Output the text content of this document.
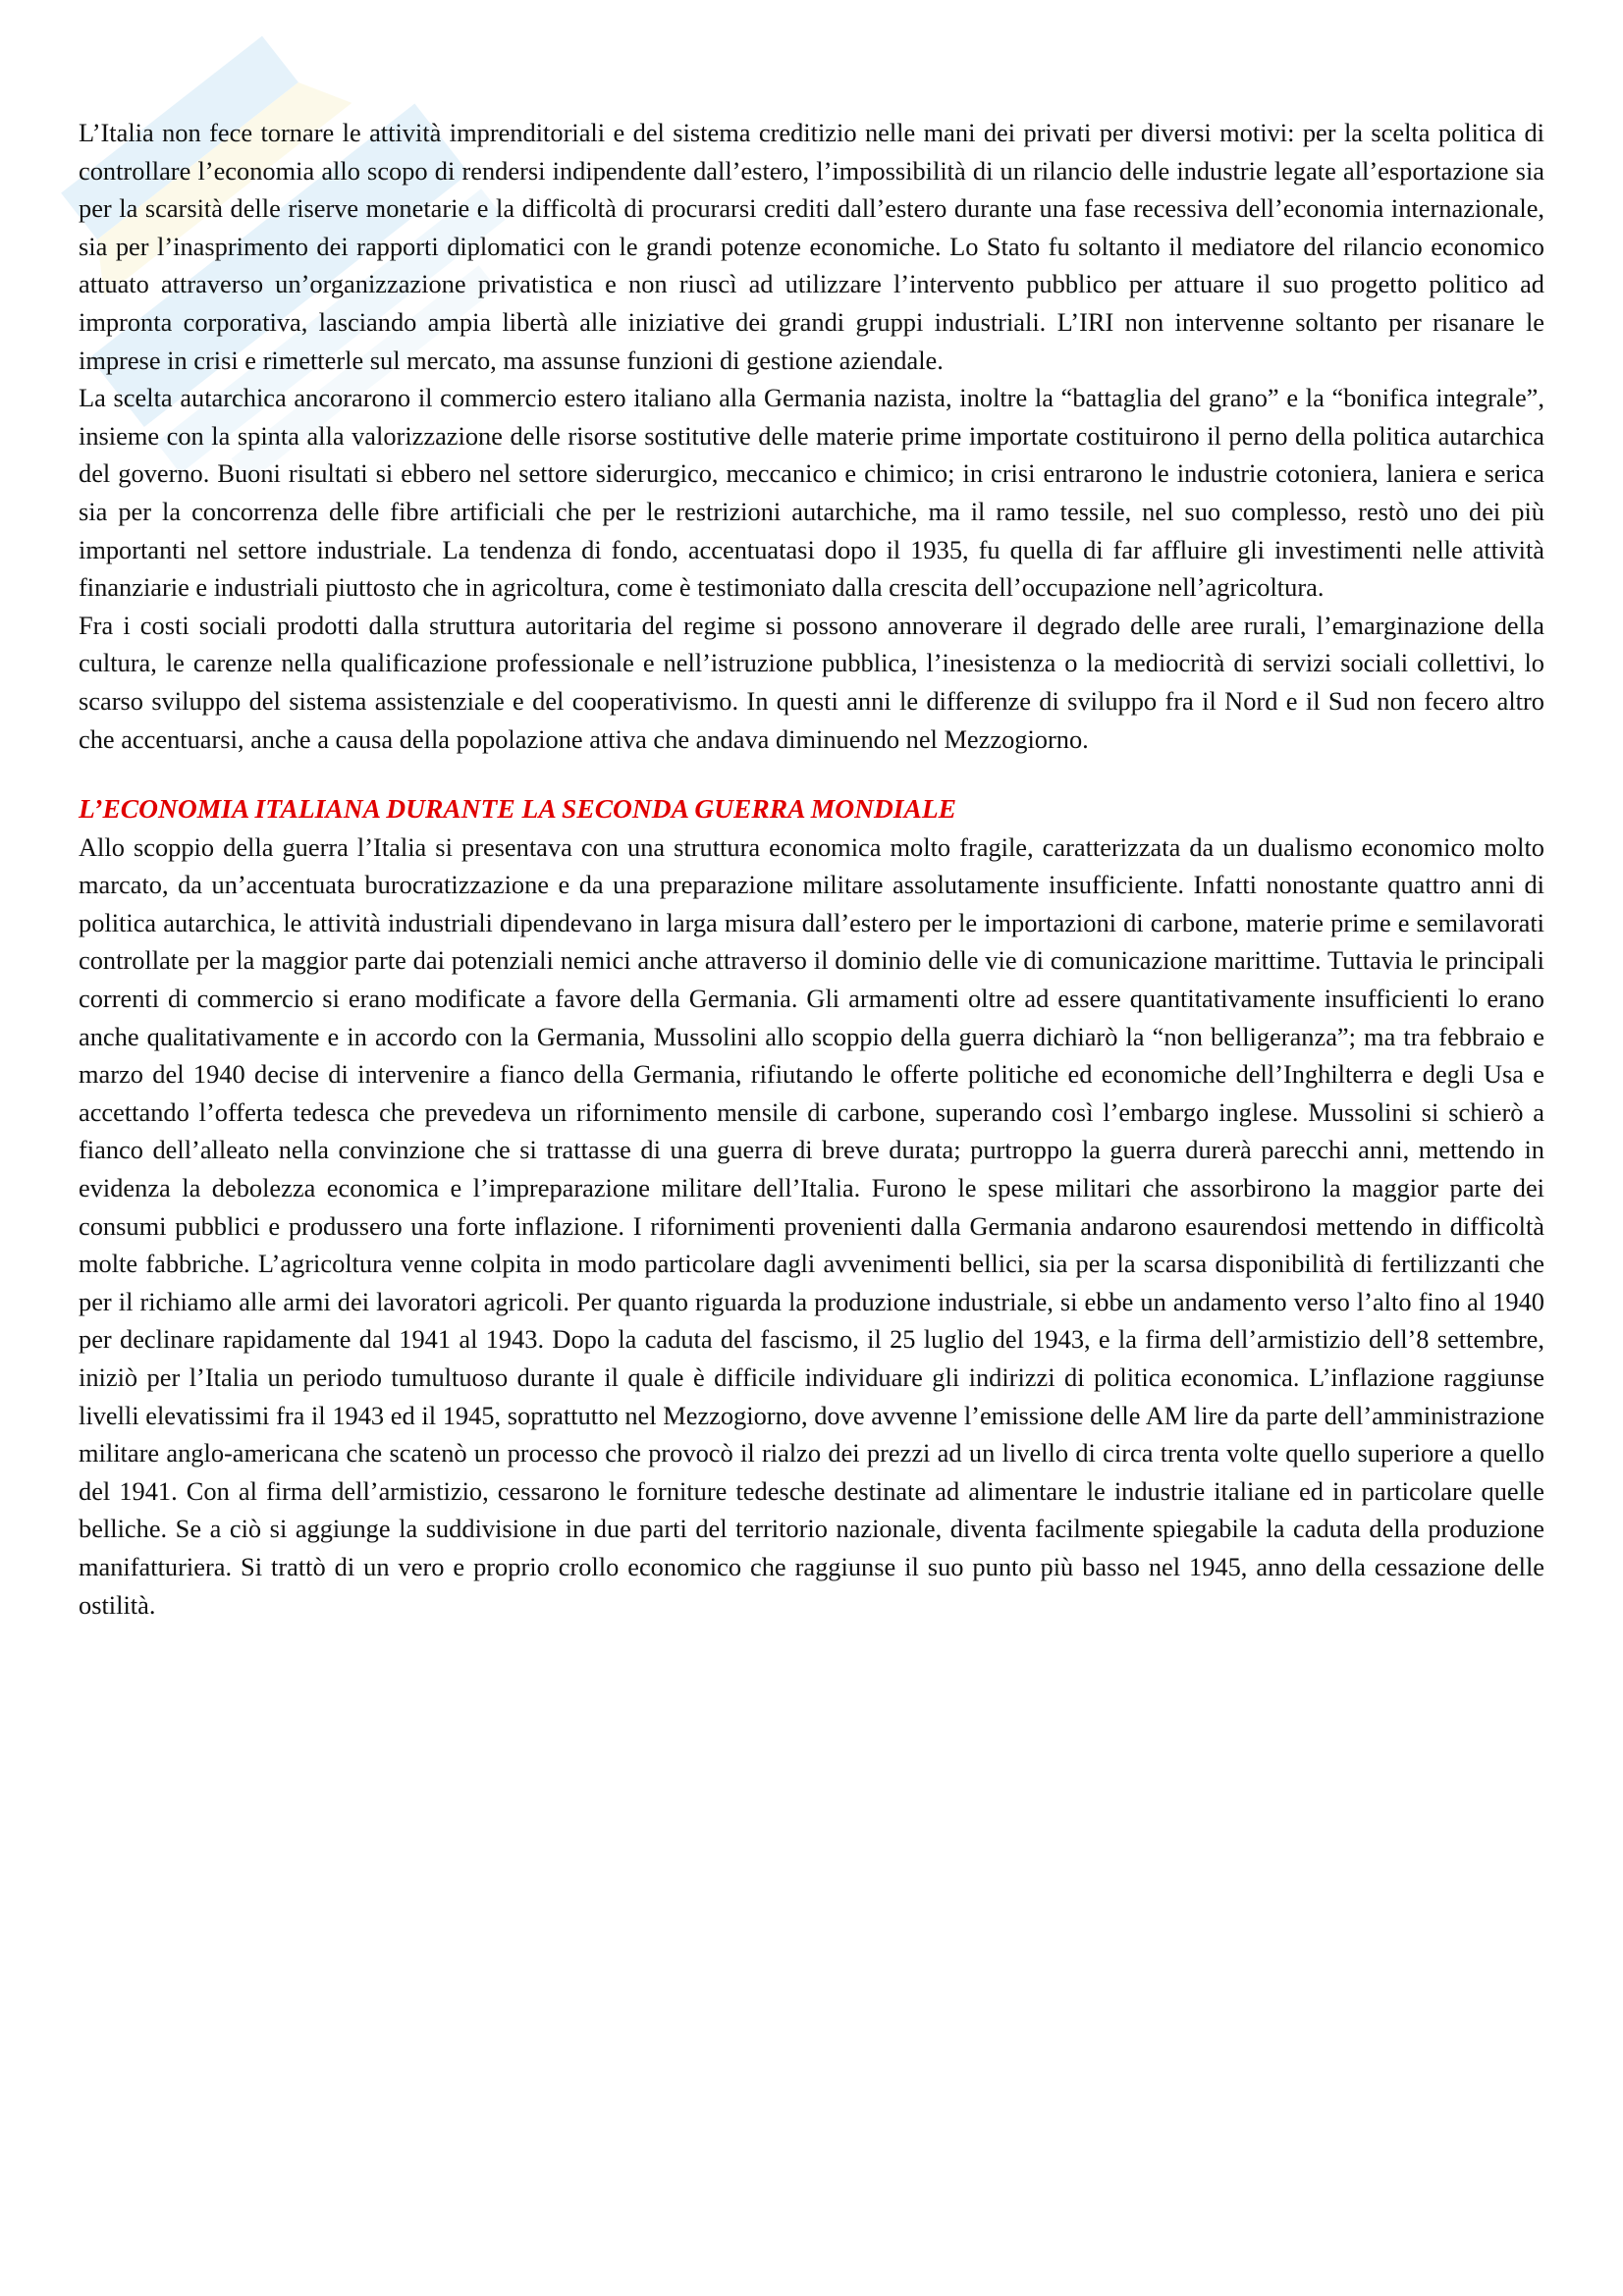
L’Italia non fece tornare le attività imprenditoriali e del sistema creditizio nelle mani dei privati per diversi motivi: per la scelta politica di controllare l’economia allo scopo di rendersi indipendente dall’estero, l’impossibilità di un rilancio delle industrie legate all’esportazione sia per la scarsità delle riserve monetarie e la difficoltà di procurarsi crediti dall’estero durante una fase recessiva dell’economia internazionale, sia per l’inasprimento dei rapporti diplomatici con le grandi potenze economiche. Lo Stato fu soltanto il mediatore del rilancio economico attuato attraverso un’organizzazione privatistica e non riuscì ad utilizzare l’intervento pubblico per attuare il suo progetto politico ad impronta corporativa, lasciando ampia libertà alle iniziative dei grandi gruppi industriali. L’IRI non intervenne soltanto per risanare le imprese in crisi e rimetterle sul mercato, ma assunse funzioni di gestione aziendale.

La scelta autarchica ancorarono il commercio estero italiano alla Germania nazista, inoltre la “battaglia del grano” e la “bonifica integrale”, insieme con la spinta alla valorizzazione delle risorse sostitutive delle materie prime importate costituirono il perno della politica autarchica del governo. Buoni risultati si ebbero nel settore siderurgico, meccanico e chimico; in crisi entrarono le industrie cotoniera, laniera e serica sia per la concorrenza delle fibre artificiali che per le restrizioni autarchiche, ma il ramo tessile, nel suo complesso, restò uno dei più importanti nel settore industriale. La tendenza di fondo, accentuatasi dopo il 1935, fu quella di far affluire gli investimenti nelle attività finanziarie e industriali piuttosto che in agricoltura, come è testimoniato dalla crescita dell’occupazione nell’agricoltura.

Fra i costi sociali prodotti dalla struttura autoritaria del regime si possono annoverare il degrado delle aree rurali, l’emarginazione della cultura, le carenze nella qualificazione professionale e nell’istruzione pubblica, l’inesistenza o la mediocrità di servizi sociali collettivi, lo scarso sviluppo del sistema assistenziale e del cooperativismo. In questi anni le differenze di sviluppo fra il Nord e il Sud non fecero altro che accentuarsi, anche a causa della popolazione attiva che andava diminuendo nel Mezzogiorno.

L’ECONOMIA ITALIANA DURANTE LA SECONDA GUERRA MONDIALE

Allo scoppio della guerra l’Italia si presentava con una struttura economica molto fragile, caratterizzata da un dualismo economico molto marcato, da un’accentuata burocratizzazione e da una preparazione militare assolutamente insufficiente. Infatti nonostante quattro anni di politica autarchica, le attività industriali dipendevano in larga misura dall’estero per le importazioni di carbone, materie prime e semilavorati controllate per la maggior parte dai potenziali nemici anche attraverso il dominio delle vie di comunicazione marittime. Tuttavia le principali correnti di commercio si erano modificate a favore della Germania. Gli armamenti oltre ad essere quantitativamente insufficienti lo erano anche qualitativamente e in accordo con la Germania, Mussolini allo scoppio della guerra dichiarò la “non belligeranza”; ma tra febbraio e marzo del 1940 decise di intervenire a fianco della Germania, rifiutando le offerte politiche ed economiche dell’Inghilterra e degli Usa e accettando l’offerta tedesca che prevedeva un rifornimento mensile di carbone, superando così l’embargo inglese. Mussolini si schierò a fianco dell’alleato nella convinzione che si trattasse di una guerra di breve durata; purtroppo la guerra durerà parecchi anni, mettendo in evidenza la debolezza economica e l’impreparazione militare dell’Italia. Furono le spese militari che assorbirono la maggior parte dei consumi pubblici e produssero una forte inflazione. I rifornimenti provenienti dalla Germania andarono esaurendosi mettendo in difficoltà molte fabbriche. L’agricoltura venne colpita in modo particolare dagli avvenimenti bellici, sia per la scarsa disponibilità di fertilizzanti che per il richiamo alle armi dei lavoratori agricoli. Per quanto riguarda la produzione industriale, si ebbe un andamento verso l’alto fino al 1940 per declinare rapidamente dal 1941 al 1943. Dopo la caduta del fascismo, il 25 luglio del 1943, e la firma dell’armistizio dell’8 settembre, iniziò per l’Italia un periodo tumultuoso durante il quale è difficile individuare gli indirizzi di politica economica. L’inflazione raggiunse livelli elevatissimi fra il 1943 ed il 1945, soprattutto nel Mezzogiorno, dove avvenne l’emissione delle AM lire da parte dell’amministrazione militare anglo-americana che scatenò un processo che provocò il rialzo dei prezzi ad un livello di circa trenta volte quello superiore a quello del 1941. Con al firma dell’armistizio, cessarono le forniture tedesche destinate ad alimentare le industrie italiane ed in particolare quelle belliche. Se a ciò si aggiunge la suddivisione in due parti del territorio nazionale, diventa facilmente spiegabile la caduta della produzione manifatturiera. Si trattò di un vero e proprio crollo economico che raggiunse il suo punto più basso nel 1945, anno della cessazione delle ostilità.
